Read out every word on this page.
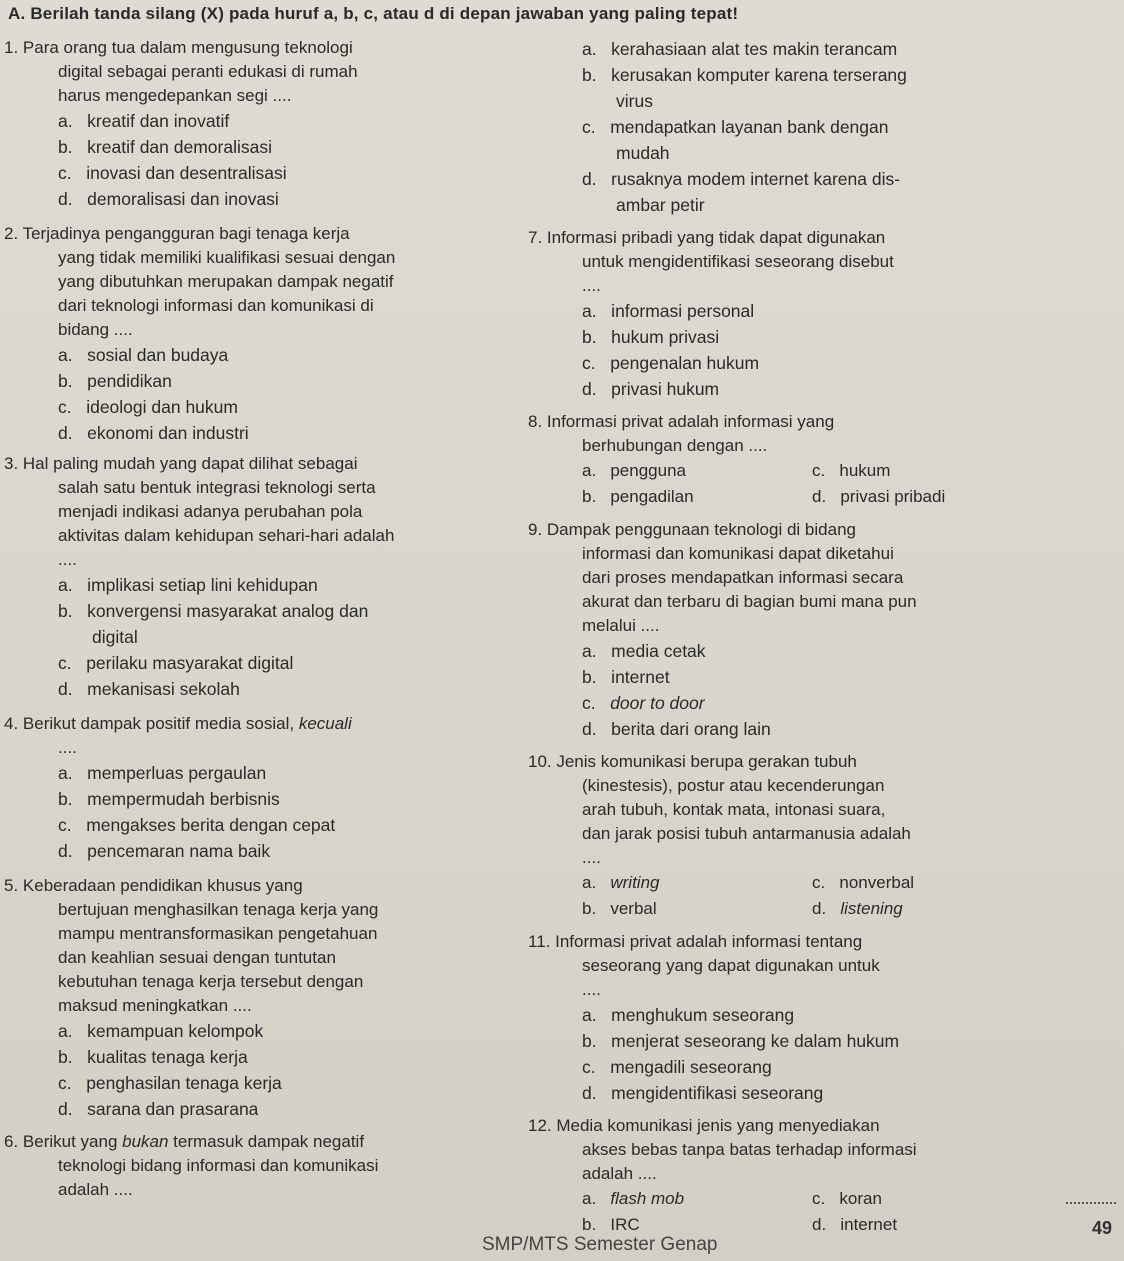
A. Berilah tanda silang (X) pada huruf a, b, c, atau d di depan jawaban yang paling tepat!
1. Para orang tua dalam mengusung teknologi
digital sebagai peranti edukasi di rumah
harus mengedepankan segi ....
a.   kreatif dan inovatif
b.   kreatif dan demoralisasi
c.   inovasi dan desentralisasi
d.   demoralisasi dan inovasi
2. Terjadinya pengangguran bagi tenaga kerja
yang tidak memiliki kualifikasi sesuai dengan
yang dibutuhkan merupakan dampak negatif
dari teknologi informasi dan komunikasi di
bidang ....
a.   sosial dan budaya
b.   pendidikan
c.   ideologi dan hukum
d.   ekonomi dan industri
3. Hal paling mudah yang dapat dilihat sebagai
salah satu bentuk integrasi teknologi serta
menjadi indikasi adanya perubahan pola
aktivitas dalam kehidupan sehari-hari adalah
....
a.   implikasi setiap lini kehidupan
b.   konvergensi masyarakat analog dan
digital
c.   perilaku masyarakat digital
d.   mekanisasi sekolah
4. Berikut dampak positif media sosial, kecuali
....
a.   memperluas pergaulan
b.   mempermudah berbisnis
c.   mengakses berita dengan cepat
d.   pencemaran nama baik
5. Keberadaan pendidikan khusus yang
bertujuan menghasilkan tenaga kerja yang
mampu mentransformasikan pengetahuan
dan keahlian sesuai dengan tuntutan
kebutuhan tenaga kerja tersebut dengan
maksud meningkatkan ....
a.   kemampuan kelompok
b.   kualitas tenaga kerja
c.   penghasilan tenaga kerja
d.   sarana dan prasarana
6. Berikut yang bukan termasuk dampak negatif
teknologi bidang informasi dan komunikasi
adalah ....
a.   kerahasiaan alat tes makin terancam
b.   kerusakan komputer karena terserang
virus
c.   mendapatkan layanan bank dengan
mudah
d.   rusaknya modem internet karena dis-
ambar petir
7. Informasi pribadi yang tidak dapat digunakan
untuk mengidentifikasi seseorang disebut
....
a.   informasi personal
b.   hukum privasi
c.   pengenalan hukum
d.   privasi hukum
8. Informasi privat adalah informasi yang
berhubungan dengan ....
a.   pengguna	c.   hukum
b.   pengadilan	d.   privasi pribadi
9. Dampak penggunaan teknologi di bidang
informasi dan komunikasi dapat diketahui
dari proses mendapatkan informasi secara
akurat dan terbaru di bagian bumi mana pun
melalui ....
a.   media cetak
b.   internet
c.   door to door
d.   berita dari orang lain
10. Jenis komunikasi berupa gerakan tubuh
(kinestesis), postur atau kecenderungan
arah tubuh, kontak mata, intonasi suara,
dan jarak posisi tubuh antarmanusia adalah
....
a.   writing	c.   nonverbal
b.   verbal	d.   listening
11. Informasi privat adalah informasi tentang
seseorang yang dapat digunakan untuk
....
a.   menghukum seseorang
b.   menjerat seseorang ke dalam hukum
c.   mengadili seseorang
d.   mengidentifikasi seseorang
12. Media komunikasi jenis yang menyediakan
akses bebas tanpa batas terhadap informasi
adalah ....
a.   flash mob	c.   koran
b.   IRC	d.   internet	49
SMP/MTS Semester Genap
